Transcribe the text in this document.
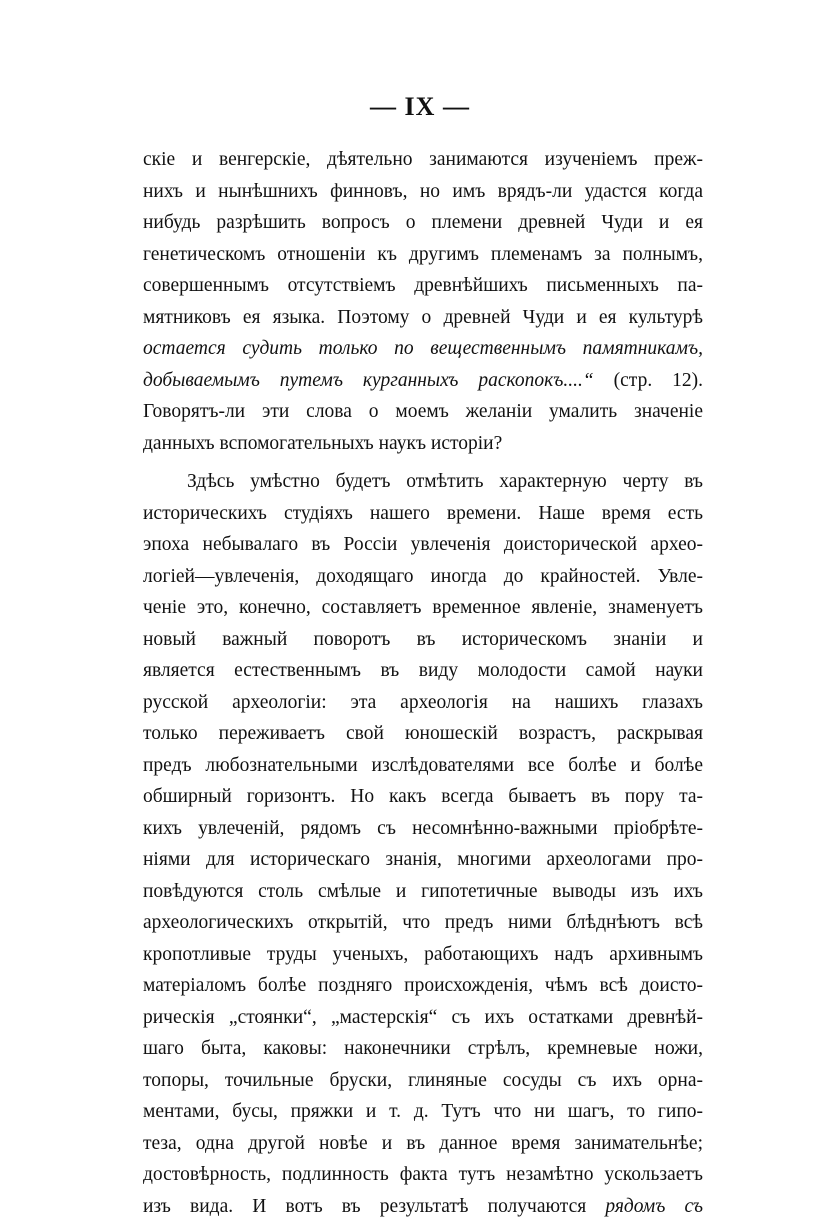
— IX —
скіе и венгерскіе, дѣятельно занимаются изученіемъ преж-
нихъ и нынѣшнихъ финновъ, но имъ врядъ-ли удастся когда
нибудь разрѣшить вопросъ о племени древней Чуди и ея
генетическомъ отношеніи къ другимъ племенамъ за полнымъ,
совершеннымъ отсутствіемъ древнѣйшихъ письменныхъ па-
мятниковъ ея языка. Поэтому о древней Чуди и ея культурѣ
остается судить только по вещественнымъ памятникамъ,
добываемымъ путемъ курганныхъ раскопокъ....“ (стр. 12).
Говорятъ-ли эти слова о моемъ желаніи умалить значеніе
данныхъ вспомогательныхъ наукъ исторіи?
Здѣсь умѣстно будетъ отмѣтить характерную черту въ
историческихъ студіяхъ нашего времени. Наше время есть
эпоха небывалаго въ Россіи увлеченія доисторической архео-
логіей—увлеченія, доходящаго иногда до крайностей. Увле-
ченіе это, конечно, составляетъ временное явленіе, знаменуетъ
новый важный поворотъ въ историческомъ знаніи и
является естественнымъ въ виду молодости самой науки
русской археологіи: эта археологія на нашихъ глазахъ
только переживаетъ свой юношескій возрастъ, раскрывая
предъ любознательными изслѣдователями все болѣе и болѣе
обширный горизонтъ. Но какъ всегда бываетъ въ пору та-
кихъ увлеченій, рядомъ съ несомнѣнно-важными пріобрѣте-
ніями для историческаго знанія, многими археологами про-
повѣдуются столь смѣлые и гипотетичные выводы изъ ихъ
археологическихъ открытій, что предъ ними блѣднѣютъ всѣ
кропотливые труды ученыхъ, работающихъ надъ архивнымъ
матеріаломъ болѣе поздняго происхожденія, чѣмъ всѣ доисто-
рическія „стоянки“, „мастерскія“ съ ихъ остатками древнѣй-
шаго быта, каковы: наконечники стрѣлъ, кремневые ножи,
топоры, точильные бруски, глиняные сосуды съ ихъ орна-
ментами, бусы, пряжки и т. д. Тутъ что ни шагъ, то гипо-
теза, одна другой новѣе и въ данное время занимательнѣе;
достовѣрность, подлинность факта тутъ незамѣтно ускользаетъ
изъ вида. И вотъ въ результатѣ получаются рядомъ съ
